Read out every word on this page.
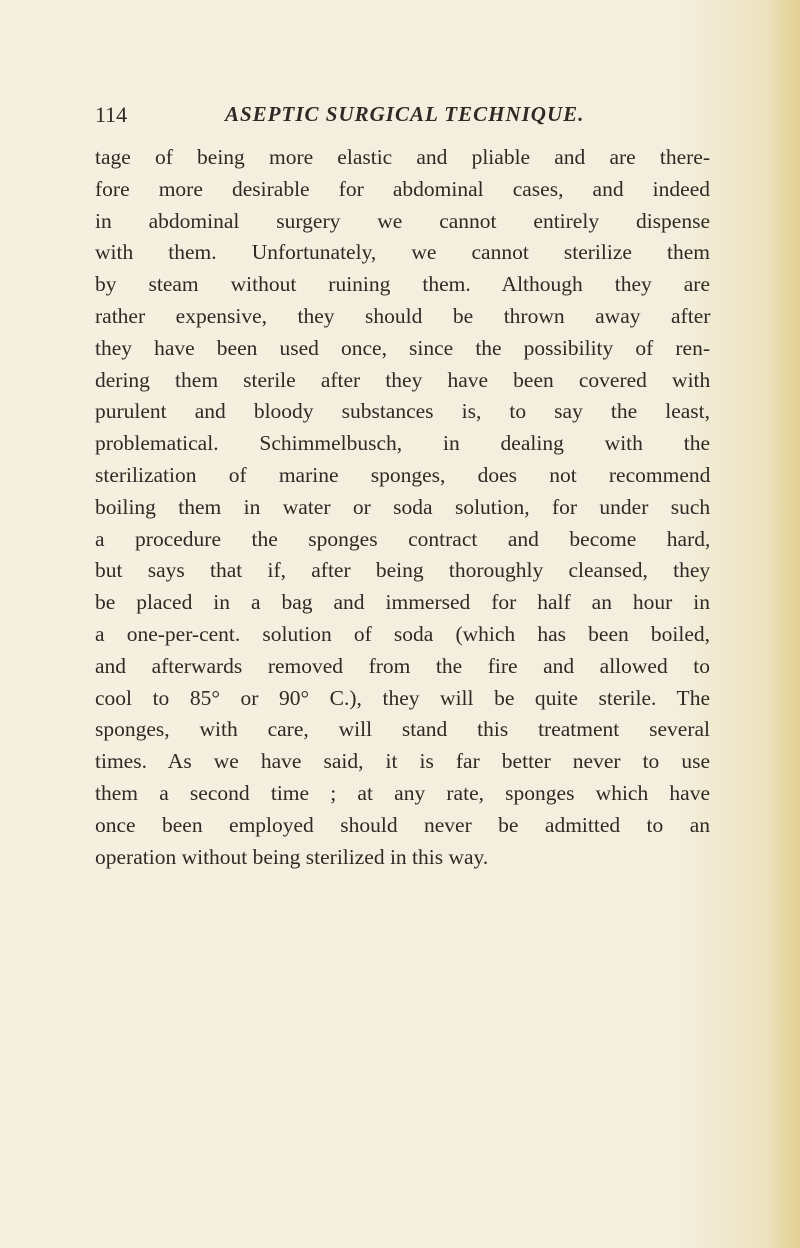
114	ASEPTIC SURGICAL TECHNIQUE.
tage of being more elastic and pliable and are there-
fore more desirable for abdominal cases, and indeed
in abdominal surgery we cannot entirely dispense
with them. Unfortunately, we cannot sterilize them
by steam without ruining them. Although they are
rather expensive, they should be thrown away after
they have been used once, since the possibility of ren-
dering them sterile after they have been covered with
purulent and bloody substances is, to say the least,
problematical. Schimmelbusch, in dealing with the
sterilization of marine sponges, does not recommend
boiling them in water or soda solution, for under such
a procedure the sponges contract and become hard,
but says that if, after being thoroughly cleansed, they
be placed in a bag and immersed for half an hour in
a one-per-cent. solution of soda (which has been boiled,
and afterwards removed from the fire and allowed to
cool to 85° or 90° C.), they will be quite sterile. The
sponges, with care, will stand this treatment several
times. As we have said, it is far better never to use
them a second time ; at any rate, sponges which have
once been employed should never be admitted to an
operation without being sterilized in this way.
